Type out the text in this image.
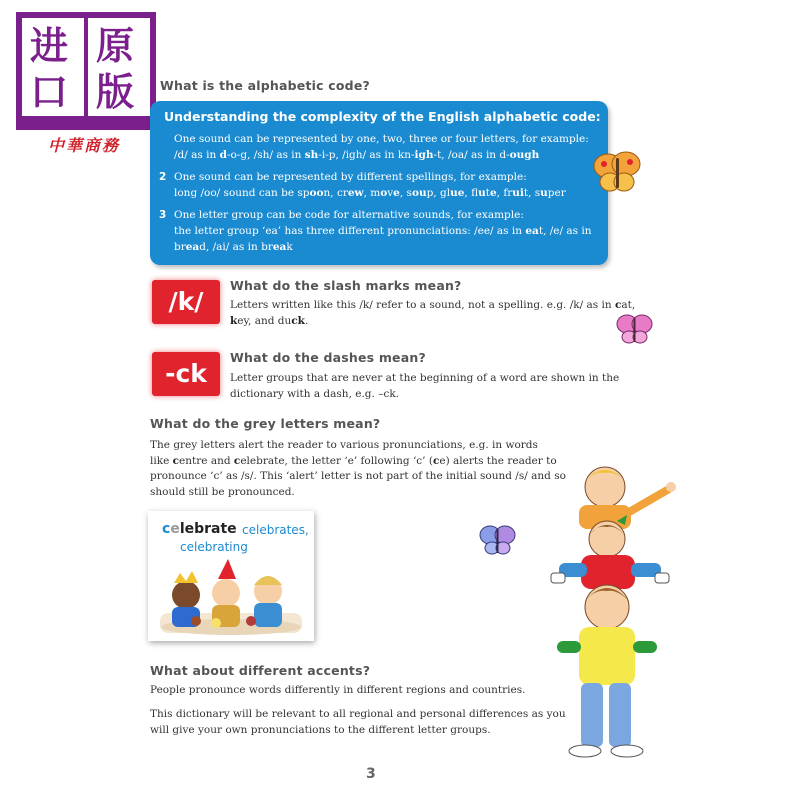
进 原
口 版
中華商務
What is the alphabetic code?
Understanding the complexity of the English alphabetic code:
One sound can be represented by one, two, three or four letters, for example:
/d/ as in d-o-g, /sh/ as in sh-i-p, /igh/ as in kn-igh-t, /oa/ as in d-ough
2 One sound can be represented by different spellings, for example:
long /oo/ sound can be spoon, crew, move, soup, glue, flute, fruit, super
3 One letter group can be code for alternative sounds, for example:
the letter group ‘ea’ has three different pronunciations: /ee/ as in eat, /e/ as in
bread, /ai/ as in break
/k/
What do the slash marks mean?
Letters written like this /k/ refer to a sound, not a spelling. e.g. /k/ as in cat,
key, and duck.
-ck
What do the dashes mean?
Letter groups that are never at the beginning of a word are shown in the
dictionary with a dash, e.g. –ck.
What do the grey letters mean?
The grey letters alert the reader to various pronunciations, e.g. in words
like centre and celebrate, the letter ‘e’ following ‘c’ (ce) alerts the reader to
pronounce ‘c’ as /s/. This ‘alert’ letter is not part of the initial sound /s/ and so
should still be pronounced.
celebrate celebrates,
celebrating
What about different accents?
People pronounce words differently in different regions and countries.
This dictionary will be relevant to all regional and personal differences as you
will give your own pronunciations to the different letter groups.
3
